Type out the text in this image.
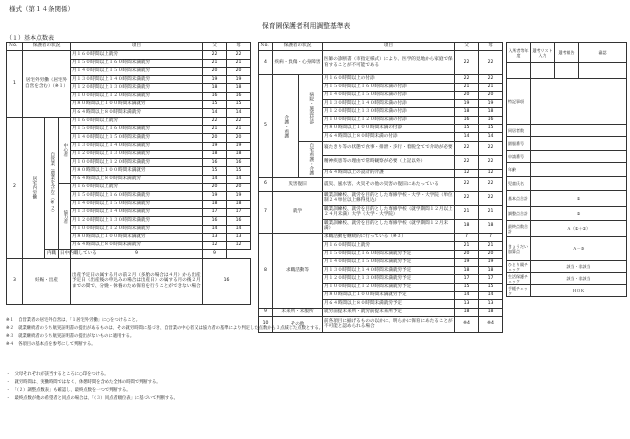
様式（第１４条関係）
保育園保護者利用調整基準表
（１）基本点数表
Ｎo．	保護者の状況			項目	父	母
1	居宅外労働（居宅外自営を含む）（※１）			月１６０時間以上就労	22	22
				月１５０時間以上１６０時間未満就労	21	21
				月１４０時間以上１５０時間未満就労	20	20
				月１３０時間以上１４０時間未満就労	19	19
				月１２０時間以上１３０時間未満就労	18	18
				月１００時間以上１２０時間未満就労	16	16
				月８０時間以上１００時間未満就労	15	15
				月６４時間以上８０時間未満就労	14	14
2	居宅内労働	自営業（農業を含む）（※２）	中心者	月１６０時間以上就労	22	22
				月１５０時間以上１６０時間未満就労	21	21
				月１４０時間以上１５０時間未満就労	20	20
				月１３０時間以上１４０時間未満就労	19	19
				月１２０時間以上１３０時間未満就労	18	18
				月１００時間以上１２０時間未満就労	16	16
				月８０時間以上１００時間未満就労	15	15
				月６４時間以上８０時間未満就労	14	14
			協力者	月１６０時間以上就労	20	20
				月１５０時間以上１６０時間未満就労	19	19
				月１４０時間以上１５０時間未満就労	18	18
				月１３０時間以上１４０時間未満就労	17	17
				月１２０時間以上１３０時間未満就労	16	16
				月１００時間以上１２０時間未満就労	14	14
				月８０時間以上１００時間未満就労	13	13
				月６４時間以上８０時間未満就労	12	12
		内職	日中内職している	9	9	
3	妊娠・出産			出産予定日の属する月の前２月（多胎の場合は４月）から出産予定日（出産後の申込みの場合は出産日）の属する月の後２月までの間で、分娩・休養のため保育を行うことができない場合	16	
Ｎo．	保護者の状況		項目	父	母
4	疾病・負傷・心身障害		医師の診断書（市指定様式）により、医学的見地から家庭で保育することが不可能である	22	22
5	介護・看護	病院・施設付添	月１６０時間以上の付添	22	22
			月１５０時間以上１６０時間未満の付添	21	21
			月１４０時間以上１５０時間未満の付添	20	20
			月１３０時間以上１４０時間未満の付添	19	19
			月１２０時間以上１３０時間未満の付添	18	18
			月１００時間以上１２０時間未満の付添	16	16
			月８０時間以上１００時間未満の付添	15	15
			月６４時間以上８０時間未満の付添	14	14
		自宅看護・介護	寝たきり等の状態で食事・排泄・歩行・着脱全てで介助が必要	22	22
			精神疾患等の理由で常時観察が必要（上記以外）	22	22
			月６４時間以上の設計的介護	12	12
6	災害復旧		震災、風水害、火災その他の災害の復旧にあたっている	22	22
7	就学		職業訓練校、就労を目的とした専修学校・大学・大学院（単位制２４単位以上修得見込）	22	22
			職業訓練校、就労を目的とした専修学校（就学期間１２月以上２４月未満）大学（大学・大学院）	21	21
			職業訓練校、就労を目的とした専修学校（就学期間１２月未満）	18	18
8	求職活動等		求職活動を継続的に行っている（※３）	7	7
			月１６０時間以上就労	21	21
			月１５０時間以上１６０時間未満就労予定	20	20
			月１４０時間以上１５０時間未満就労予定	19	19
			月１３０時間以上１４０時間未満就労予定	18	18
			月１２０時間以上１３０時間未満就労予定	17	17
			月１００時間以上１２０時間未満就労予定	15	15
			月８０時間以上１００時間未満就労予定	14	14
			月６４時間以上８０時間未満就労予定	13	13
9	未来所・未服所		就労前提未来所・就労前提未来所予定	18	18
10	その他		前各項目に揃げるものの以かに、明らかに保育にあたることが不可能と認められる場合	※4	※4
入所者等年度	選考リスト入力	選考報告	審認

特記事項			
同居者数			
園服番号			
申請番号			
年齢			
児童氏名			
基本点合計	①		
調整点合計	②		
最終点数合計	Ａ（①＋②）		
きょうだい加算点	Ａ－③		
ひとり親チェック	該当・非該当		
生活保護チェック	該当・非該当		
手帳チェック	ＨＯＫ		
※１　自営業者の居宅外自営は、「１居宅外労働」に○をつけること。
※２　就業継続者のうち航実証明書の提出があるものは、その就労時間に基づき、自営業の中心者又は協力者の基準により判定した点数から３点減じた点数とする。
※３　就業継続者のうち航実証明書の提出がないものに適用する。
※４　各項目の基本点を参考にして判断する。
・　父母それぞれが該当するところに○印をつける。
・　就労時間は、実働時間ではなく、休憩時間を含めた全体の時間で判断する。
・　「（２）調整点数表」も確認し、最終点数を一つで判断する。
・　最終点数が他の希望者と同点の場合は、「（３）同点者順位表」に基づいて判断する。
